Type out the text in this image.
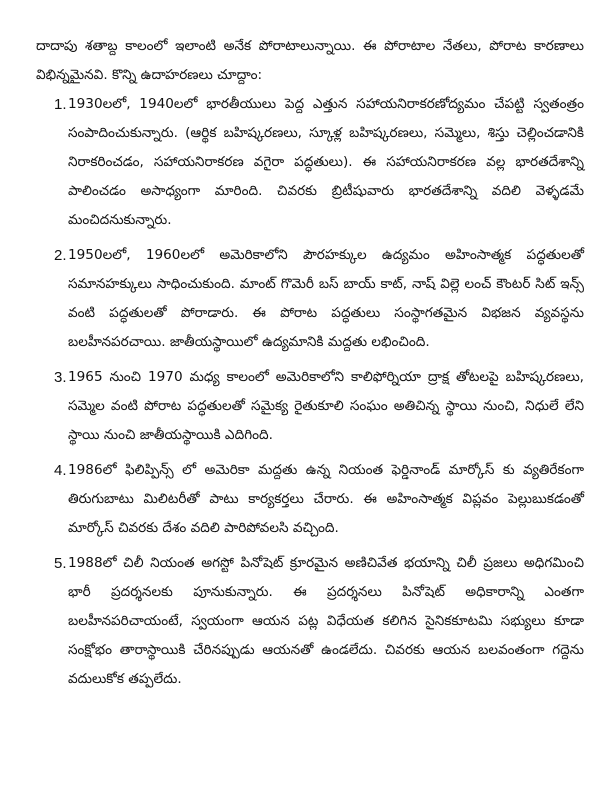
దాదాపు శతాబ్ద కాలంలో ఇలాంటి అనేక పోరాటాలున్నాయి. ఈ పోరాటాల నేతలు, పోరాట కారణాలు విభిన్నమైనవి. కొన్ని ఉదాహరణలు చూద్దాం:

1. 1930లలో, 1940లలో భారతీయులు పెద్ద ఎత్తున సహాయనిరాకరణోద్యమం చేపట్టి స్వతంత్రం సంపాదించుకున్నారు. (ఆర్థిక బహిష్కరణలు, స్కూళ్ల బహిష్కరణలు, సమ్మెలు, శిస్తు చెల్లించడానికి నిరాకరించడం, సహాయనిరాకరణ వగైరా పద్ధతులు). ఈ సహాయనిరాకరణ వల్ల భారతదేశాన్ని పాలించడం అసాధ్యంగా మారింది. చివరకు బ్రిటీషువారు భారతదేశాన్ని వదిలి వెళ్ళడమే మంచిదనుకున్నారు.
2. 1950లలో, 1960లలో అమెరికాలోని పౌరహక్కుల ఉద్యమం అహింసాత్మక పద్ధతులతో సమానహక్కులు సాధించుకుంది. మాంట్ గొమెరీ బస్ బాయ్ కాట్, నాష్ విల్లె లంచ్ కౌంటర్ సిట్ ఇన్స్ వంటి పద్ధతులతో పోరాడారు. ఈ పోరాట పద్ధతులు సంస్థాగతమైన విభజన వ్యవస్థను బలహీనపరచాయి. జాతీయస్థాయిలో ఉద్యమానికి మద్దతు లభించింది.
3. 1965 నుంచి 1970 మధ్య కాలంలో అమెరికాలోని కాలిఫోర్నియా ద్రాక్ష తోటలపై బహిష్కరణలు, సమ్మెల వంటి పోరాట పద్ధతులతో సమైక్య రైతుకూలి సంఘం అతిచిన్న స్థాయి నుంచి, నిధులే లేని స్థాయి నుంచి జాతీయస్థాయికి ఎదిగింది.
4. 1986లో ఫిలిప్పిన్స్ లో అమెరికా మద్దతు ఉన్న నియంత ఫెర్డినాండ్ మార్కోస్ కు వ్యతిరేకంగా తిరుగుబాటు మిలిటరీతో పాటు కార్యకర్తలు చేరారు. ఈ అహింసాత్మక విప్లవం పెల్లుబుకడంతో మార్కోస్ చివరకు దేశం వదిలి పారిపోవలసి వచ్చింది.
5. 1988లో చిలీ నియంత అగస్టో పినోషెట్ క్రూరమైన అణిచివేత భయాన్ని చిలీ ప్రజలు అధిగమించి భారీ ప్రదర్శనలకు పూనుకున్నారు. ఈ ప్రదర్శనలు పినోషెట్ అధికారాన్ని ఎంతగా బలహీనపరిచాయంటే, స్వయంగా ఆయన పట్ల విధేయత కలిగిన సైనికకూటమి సభ్యులు కూడా సంక్షోభం తారాస్థాయికి చేరినప్పుడు ఆయనతో ఉండలేదు. చివరకు ఆయన బలవంతంగా గద్దెను వదులుకోక తప్పలేదు.
